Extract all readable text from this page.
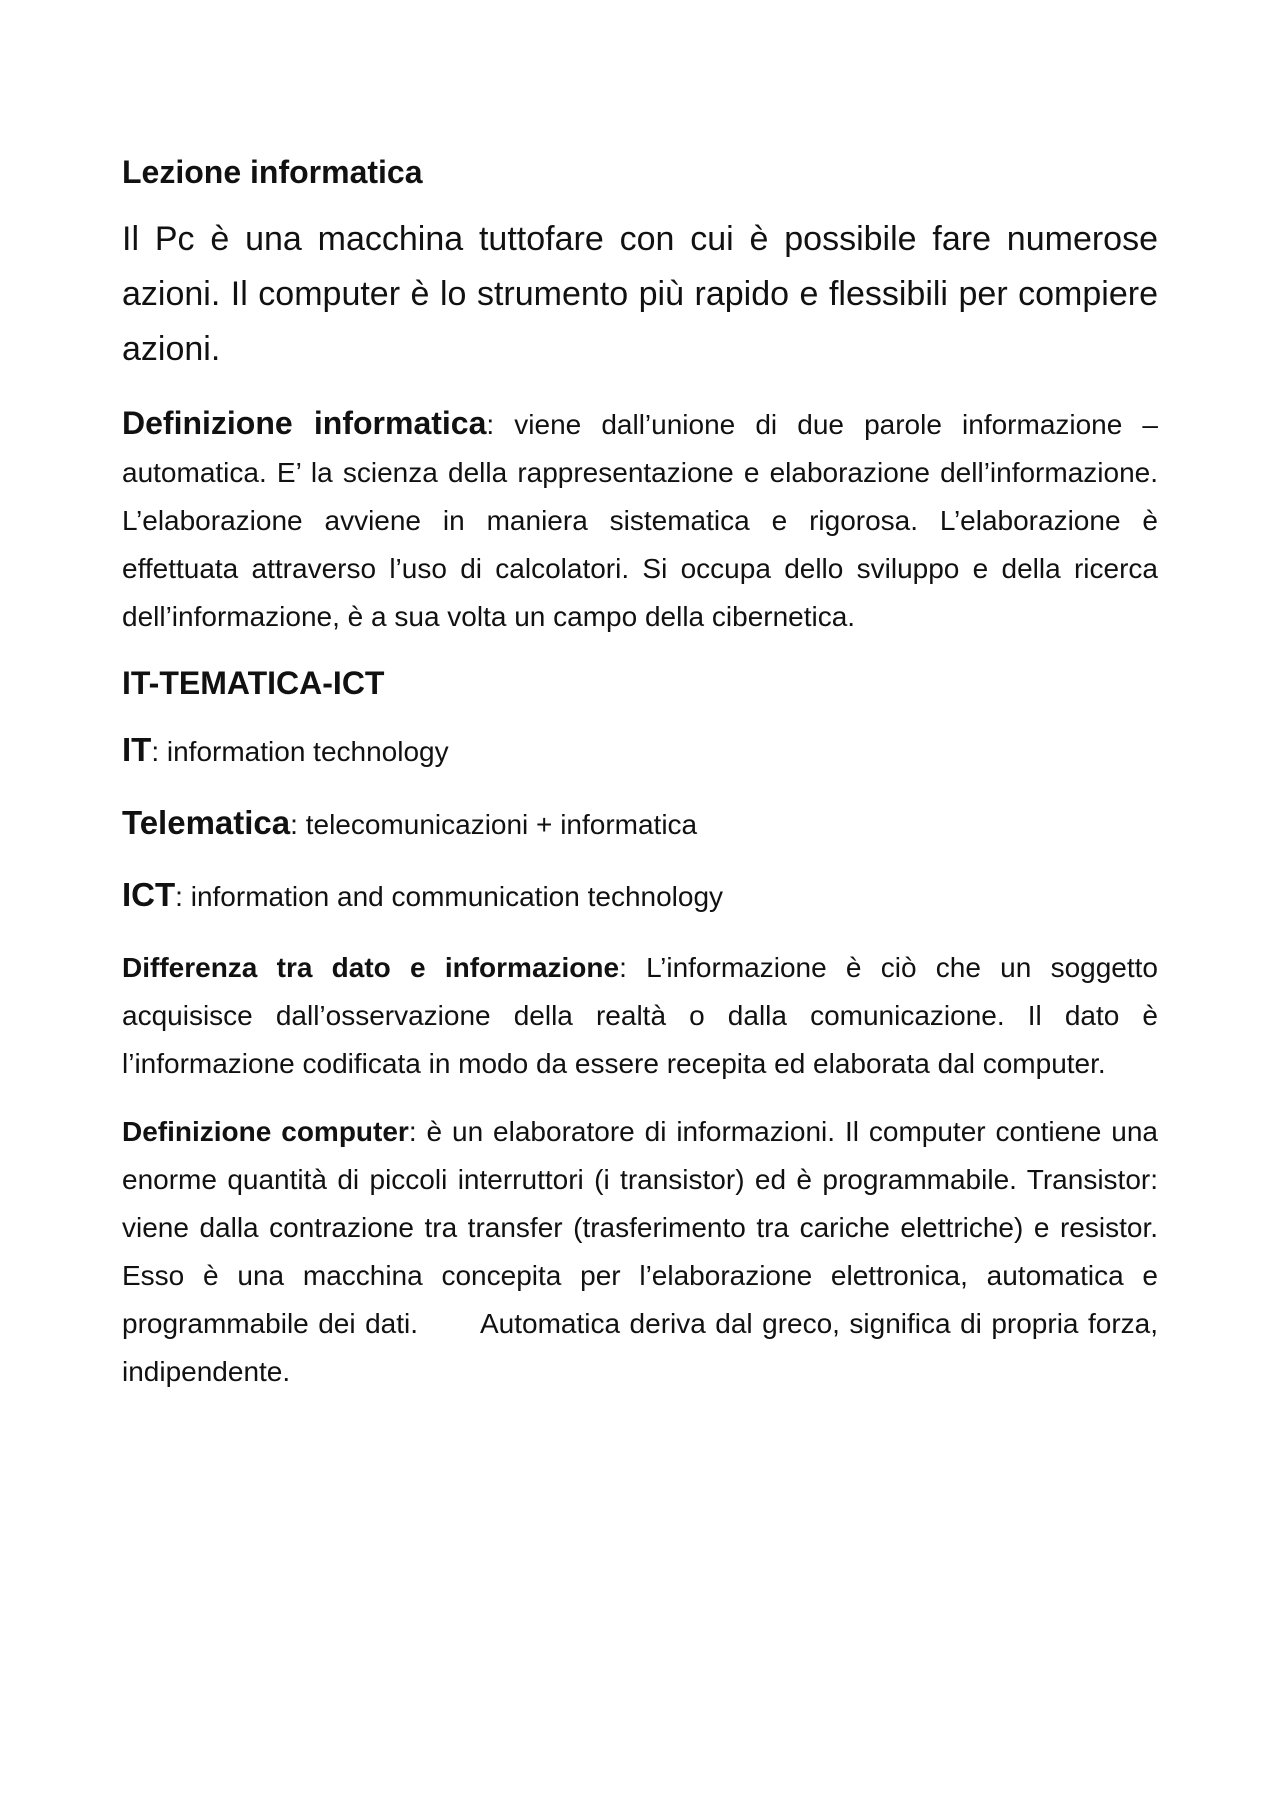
Lezione informatica

Il Pc è una macchina tuttofare con cui è possibile fare numerose azioni. Il computer è lo strumento più rapido e flessibili per compiere azioni.

Definizione informatica: viene dall’unione di due parole informazione – automatica. E’ la scienza della rappresentazione e elaborazione dell’informazione. L’elaborazione avviene in maniera sistematica e rigorosa. L’elaborazione è effettuata attraverso l’uso di calcolatori. Si occupa dello sviluppo e della ricerca dell’informazione, è a sua volta un campo della cibernetica.

IT-TEMATICA-ICT
IT: information technology
Telematica: telecomunicazioni + informatica
ICT: information and communication technology

Differenza tra dato e informazione: L’informazione è ciò che un soggetto acquisisce dall’osservazione della realtà o dalla comunicazione. Il dato è l’informazione codificata in modo da essere recepita ed elaborata dal computer.

Definizione computer: è un elaboratore di informazioni. Il computer contiene una enorme quantità di piccoli interruttori (i transistor) ed è programmabile. Transistor: viene dalla contrazione tra transfer (trasferimento tra cariche elettriche) e resistor. Esso è una macchina concepita per l’elaborazione elettronica, automatica e programmabile dei dati. Automatica deriva dal greco, significa di propria forza, indipendente.
